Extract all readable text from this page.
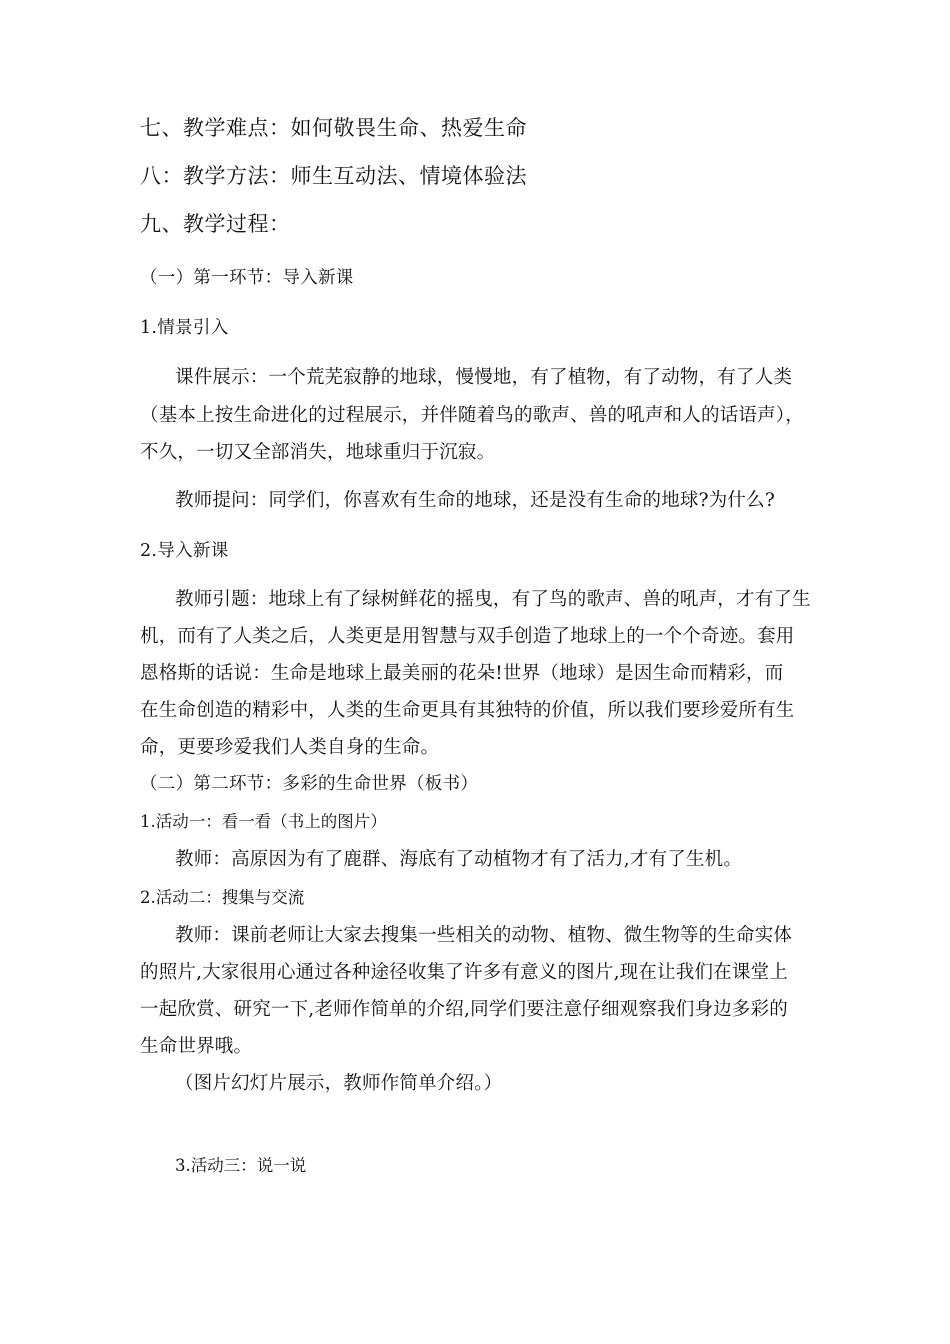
七、教学难点：如何敬畏生命、热爱生命

八：教学方法：师生互动法、情境体验法

九、教学过程：

（一）第一环节：导入新课

1.情景引入

课件展示：一个荒芜寂静的地球，慢慢地，有了植物，有了动物，有了人类

（基本上按生命进化的过程展示，并伴随着鸟的歌声、兽的吼声和人的话语声），

不久，一切又全部消失，地球重归于沉寂。

教师提问：同学们，你喜欢有生命的地球，还是没有生命的地球?为什么?

2.导入新课

教师引题：地球上有了绿树鲜花的摇曳，有了鸟的歌声、兽的吼声，才有了生

机，而有了人类之后，人类更是用智慧与双手创造了地球上的一个个奇迹。套用

恩格斯的话说：生命是地球上最美丽的花朵!世界（地球）是因生命而精彩，而

在生命创造的精彩中，人类的生命更具有其独特的价值，所以我们要珍爱所有生

命，更要珍爱我们人类自身的生命。

（二）第二环节：多彩的生命世界（板书）

1.活动一：看一看（书上的图片）

教师：高原因为有了鹿群、海底有了动植物才有了活力,才有了生机。

2.活动二：搜集与交流

教师：课前老师让大家去搜集一些相关的动物、植物、微生物等的生命实体

的照片,大家很用心通过各种途径收集了许多有意义的图片,现在让我们在课堂上

一起欣赏、研究一下,老师作简单的介绍,同学们要注意仔细观察我们身边多彩的

生命世界哦。

（图片幻灯片展示，教师作简单介绍。）

3.活动三：说一说
